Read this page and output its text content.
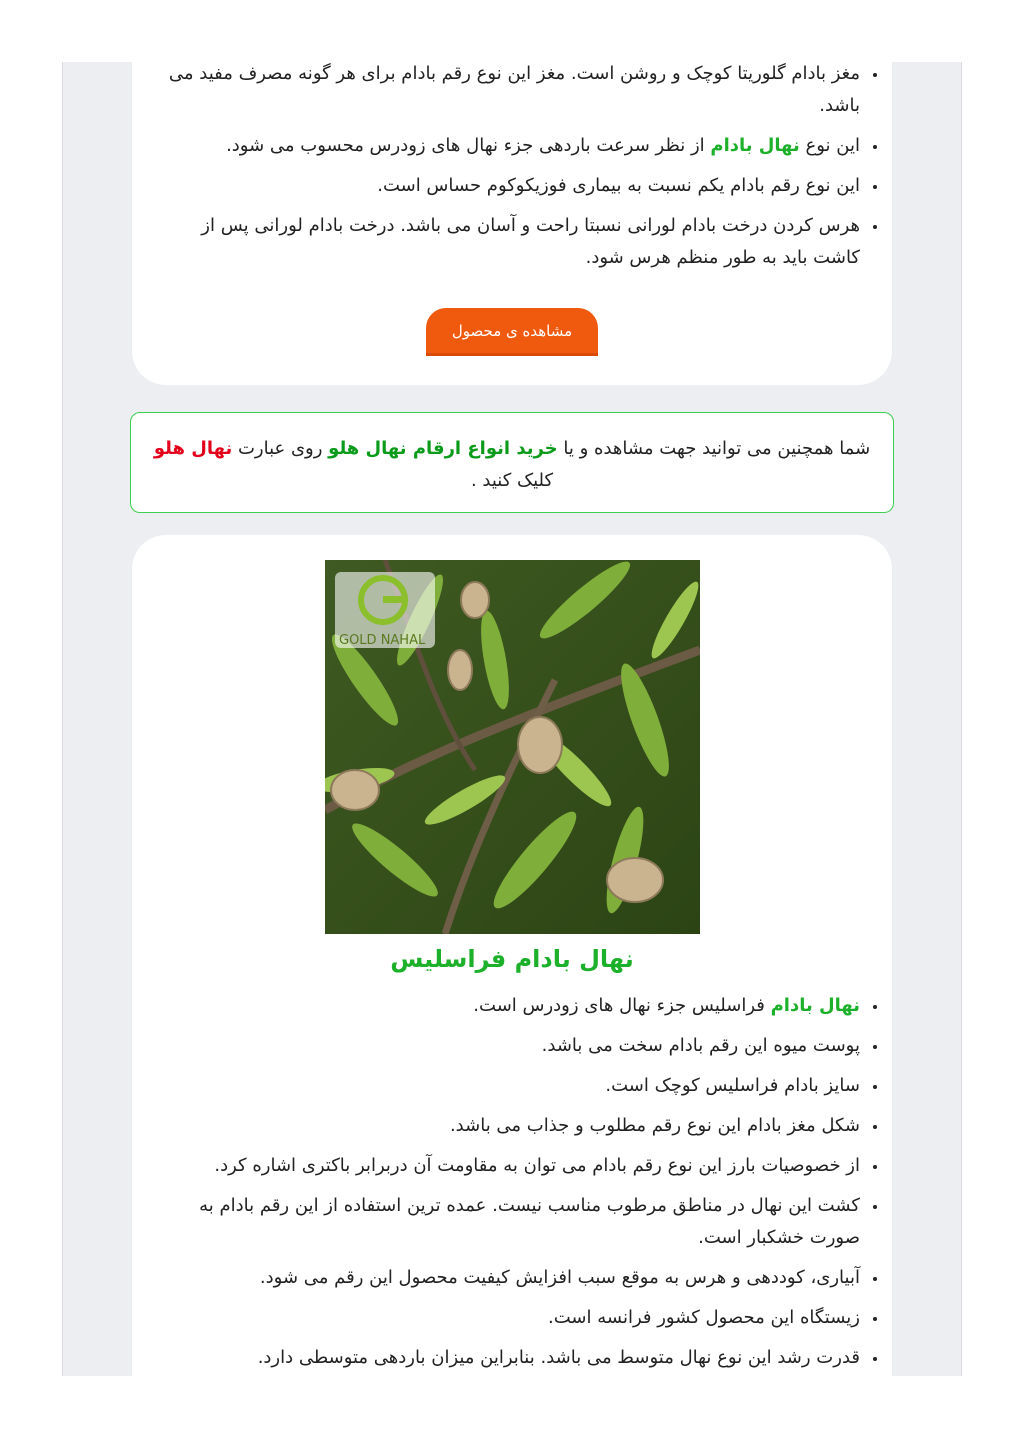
• مغز بادام گلوریتا کوچک و روشن است. مغز این نوع رقم بادام برای هر گونه مصرف مفید می باشد.
• این نوع نهال بادام از نظر سرعت باردهی جزء نهال های زودرس محسوب می شود.
• این نوع رقم بادام یکم نسبت به بیماری فوزیکوکوم حساس است.
• هرس کردن درخت بادام لورانی نسبتا راحت و آسان می باشد. درخت بادام لورانی پس از کاشت باید به طور منظم هرس شود.
مشاهده ی محصول
شما همچنین می توانید جهت مشاهده و یا خرید انواع ارقام نهال هلو روی عبارت نهال هلو کلیک کنید .
GOLD NAHAL
نهال بادام فراسلیس
• نهال بادام فراسلیس جزء نهال های زودرس است.
• پوست میوه این رقم بادام سخت می باشد.
• سایز بادام فراسلیس کوچک است.
• شکل مغز بادام این نوع رقم مطلوب و جذاب می باشد.
• از خصوصیات بارز این نوع رقم بادام می توان به مقاومت آن دربرابر باکتری اشاره کرد.
• کشت این نهال در مناطق مرطوب مناسب نیست. عمده ترین استفاده از این رقم بادام به صورت خشکبار است.
• آبیاری، کوددهی و هرس به موقع سبب افزایش کیفیت محصول این رقم می شود.
• زیستگاه این محصول کشور فرانسه است.
• قدرت رشد این نوع نهال متوسط می باشد. بنابراین میزان باردهی متوسطی دارد.
